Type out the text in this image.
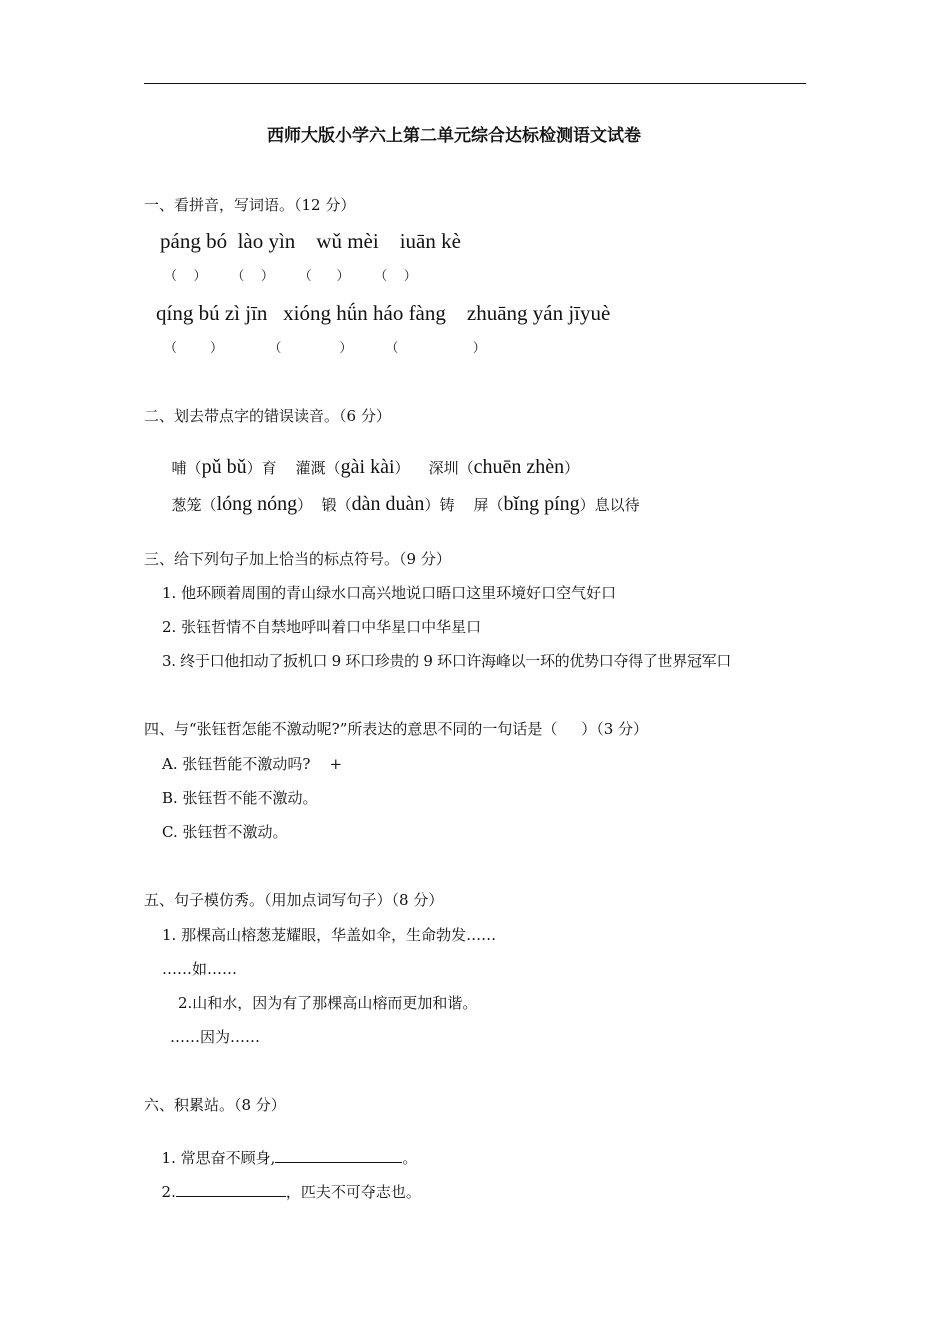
西师大版小学六上第二单元综合达标检测语文试卷
一、看拼音，写词语。（12 分）
páng bó  lào yìn    wǔ mèi    iuān kè
（    ）      （    ）      （      ）      （    ）
qíng bú zì jīn   xióng hǘn háo fàng    zhuāng yán jīyuè
（        ）           （              ）        （                  ）
二、划去带点字的错误读音。（6 分）

哺（pǔ bǔ）育    灌溉（gài kài）    深圳（chuēn zhèn）

葱笼（lóng nóng）  锻（dàn duàn）铸    屏（bǐng píng）息以待

三、给下列句子加上恰当的标点符号。（9 分）
1. 他环顾着周围的青山绿水口高兴地说口晤口这里环境好口空气好口
2. 张钰哲情不自禁地呼叫着口中华星口中华星口
3. 终于口他扣动了扳机口 9 环口珍贵的 9 环口许海峰以一环的优势口夺得了世界冠军口
四、与“张钰哲怎能不激动呢?”所表达的意思不同的一句话是（     ）（3 分）
A. 张钰哲能不激动吗?    +
B. 张钰哲不能不激动。
C. 张钰哲不激动。
五、句子模仿秀。（用加点词写句子）（8 分）
1. 那棵高山榕葱茏耀眼，华盖如伞，生命勃发……
……如……
2.山和水，因为有了那棵高山榕而更加和谐。
……因为……
六、积累站。（8 分）

1. 常思奋不顾身,	。

2.	，匹夫不可夺志也。
